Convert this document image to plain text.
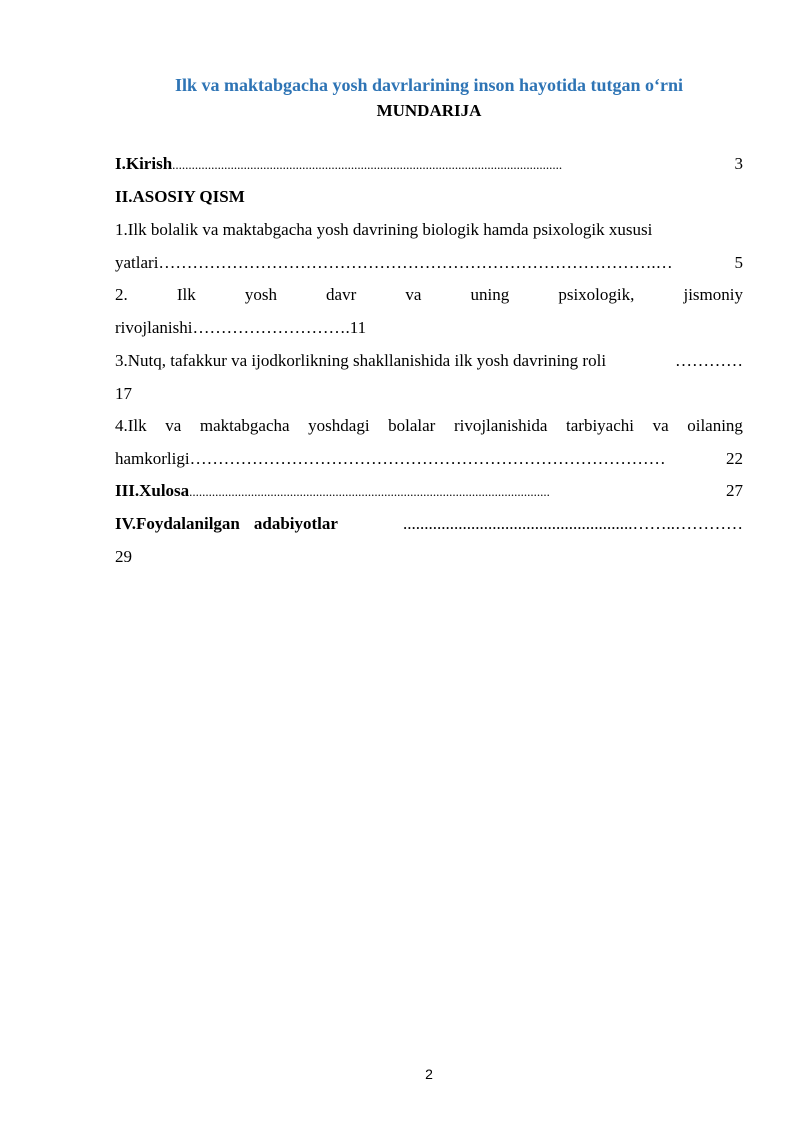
Ilk va maktabgacha yosh davrlarining inson hayotida tutgan o‘rni
MUNDARIJA
I.Kirish ........................................................................................................................	3
II.ASOSIY QISM
1.Ilk bolalik va maktabgacha yosh davrining biologik hamda psixologik xususi
yatlari …………………………………………………………………………….…	5
2.	Ilk	yosh	davr	va	uning	psixologik,	jismoniy
rivojlanishi……………………….11
3.Nutq, tafakkur va ijodkorlikning shakllanishida ilk yosh davrining roli	…………
17
4.Ilk va maktabgacha yoshdagi bolalar rivojlanishida tarbiyachi va oilaning
hamkorligi …………………………………………………………………………	22
III.Xulosa ...............................................................................................................	27
IV.Foydalanilgan adabiyotlar	......................................................……..…………
29
2
